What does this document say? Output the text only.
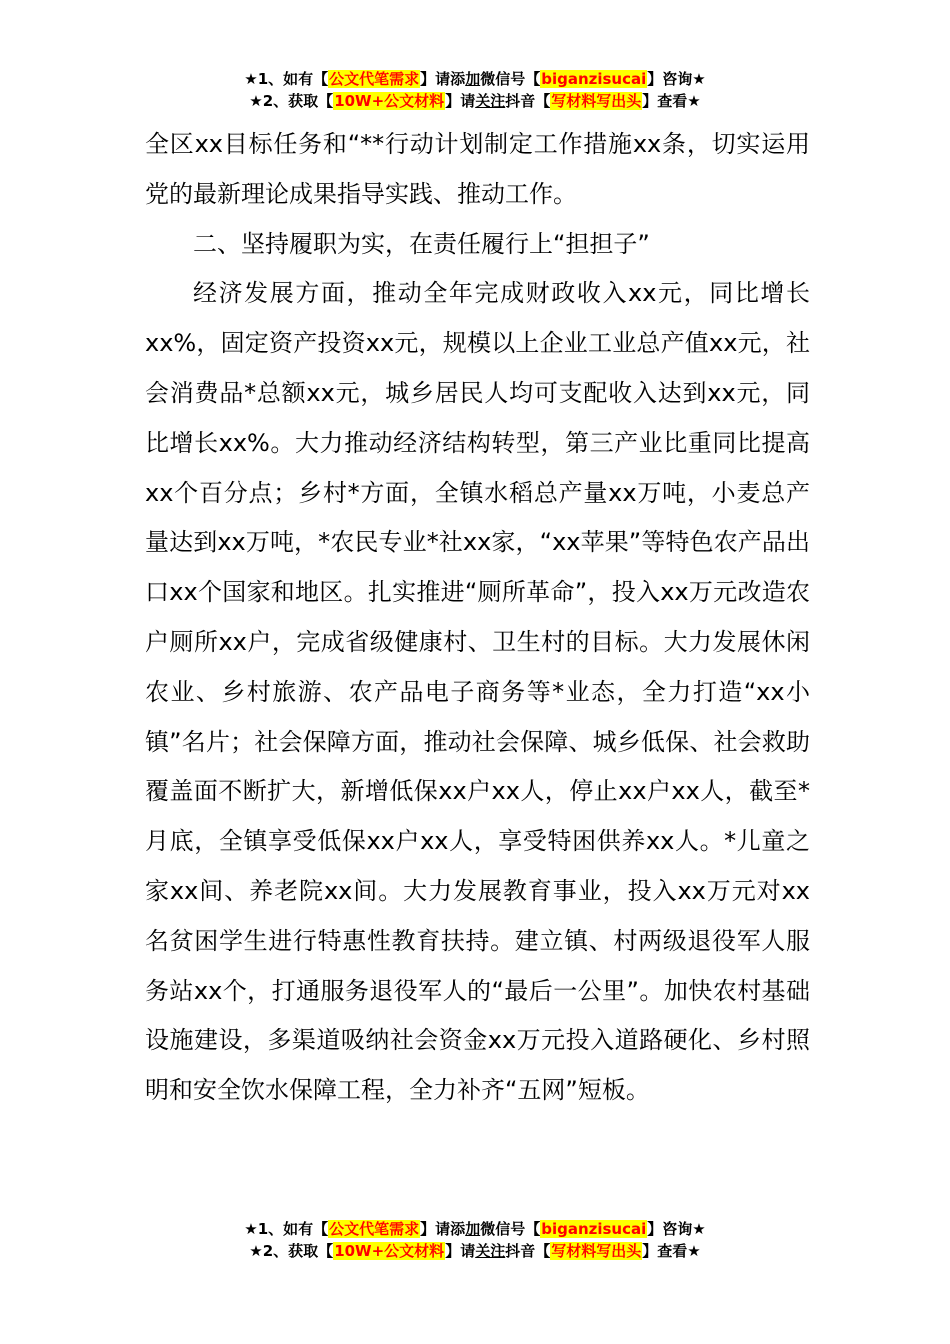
★1、如有【公文代笔需求】请添加微信号【biganzisucai】咨询★
★2、获取【10W+公文材料】请关注抖音【写材料写出头】查看★

全区xx目标任务和“**行动计划制定工作措施xx条，切实运用党的最新理论成果指导实践、推动工作。

二、坚持履职为实，在责任履行上“担担子”

经济发展方面，推动全年完成财政收入xx元，同比增长xx%，固定资产投资xx元，规模以上企业工业总产值xx元，社会消费品*总额xx元，城乡居民人均可支配收入达到xx元，同比增长xx%。大力推动经济结构转型，第三产业比重同比提高xx个百分点；乡村*方面，全镇水稻总产量xx万吨，小麦总产量达到xx万吨，*农民专业*社xx家，“xx苹果”等特色农产品出口xx个国家和地区。扎实推进“厕所革命”，投入xx万元改造农户厕所xx户，完成省级健康村、卫生村的目标。大力发展休闲农业、乡村旅游、农产品电子商务等*业态，全力打造“xx小镇”名片；社会保障方面，推动社会保障、城乡低保、社会救助覆盖面不断扩大，新增低保xx户xx人，停止xx户xx人，截至*月底，全镇享受低保xx户xx人，享受特困供养xx人。*儿童之家xx间、养老院xx间。大力发展教育事业，投入xx万元对xx名贫困学生进行特惠性教育扶持。建立镇、村两级退役军人服务站xx个，打通服务退役军人的“最后一公里”。加快农村基础设施建设，多渠道吸纳社会资金xx万元投入道路硬化、乡村照明和安全饮水保障工程，全力补齐“五网”短板。

★1、如有【公文代笔需求】请添加微信号【biganzisucai】咨询★
★2、获取【10W+公文材料】请关注抖音【写材料写出头】查看★
